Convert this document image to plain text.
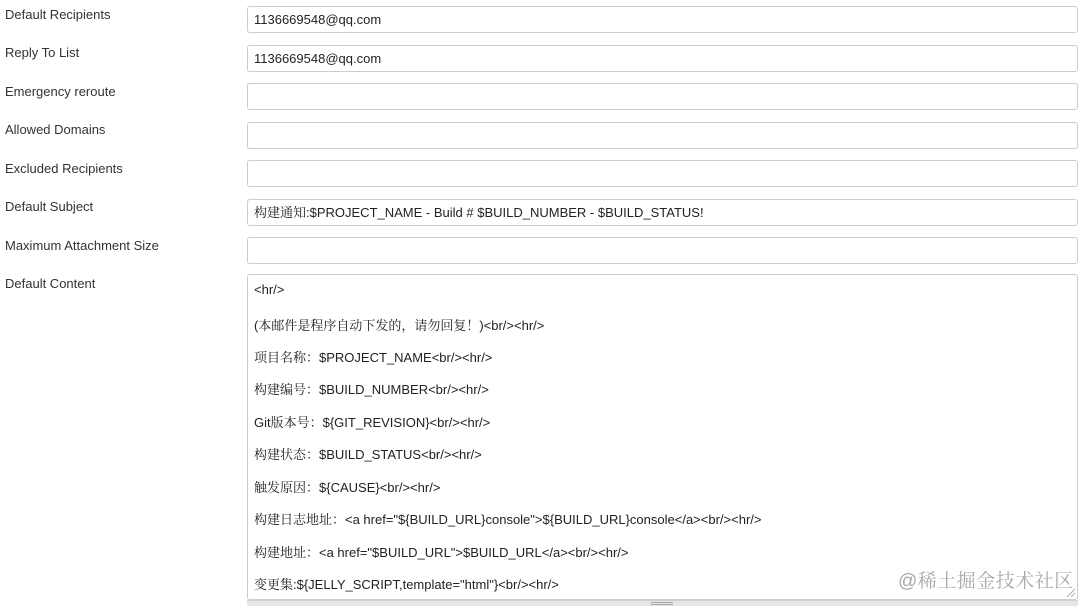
Default Recipients	1136669548@qq.com
Reply To List	1136669548@qq.com
Emergency reroute
Allowed Domains
Excluded Recipients
Default Subject	构建通知:$PROJECT_NAME - Build # $BUILD_NUMBER - $BUILD_STATUS!
Maximum Attachment Size
Default Content	<hr/>
(本邮件是程序自动下发的，请勿回复！)<br/><hr/>
项目名称：$PROJECT_NAME<br/><hr/>
构建编号：$BUILD_NUMBER<br/><hr/>
Git版本号：${GIT_REVISION}<br/><hr/>
构建状态：$BUILD_STATUS<br/><hr/>
触发原因：${CAUSE}<br/><hr/>
构建日志地址：<a href="${BUILD_URL}console">${BUILD_URL}console</a><br/><hr/>
构建地址：<a href="$BUILD_URL">$BUILD_URL</a><br/><hr/>
变更集:${JELLY_SCRIPT,template="html"}<br/><hr/>	@稀土掘金技术社区
